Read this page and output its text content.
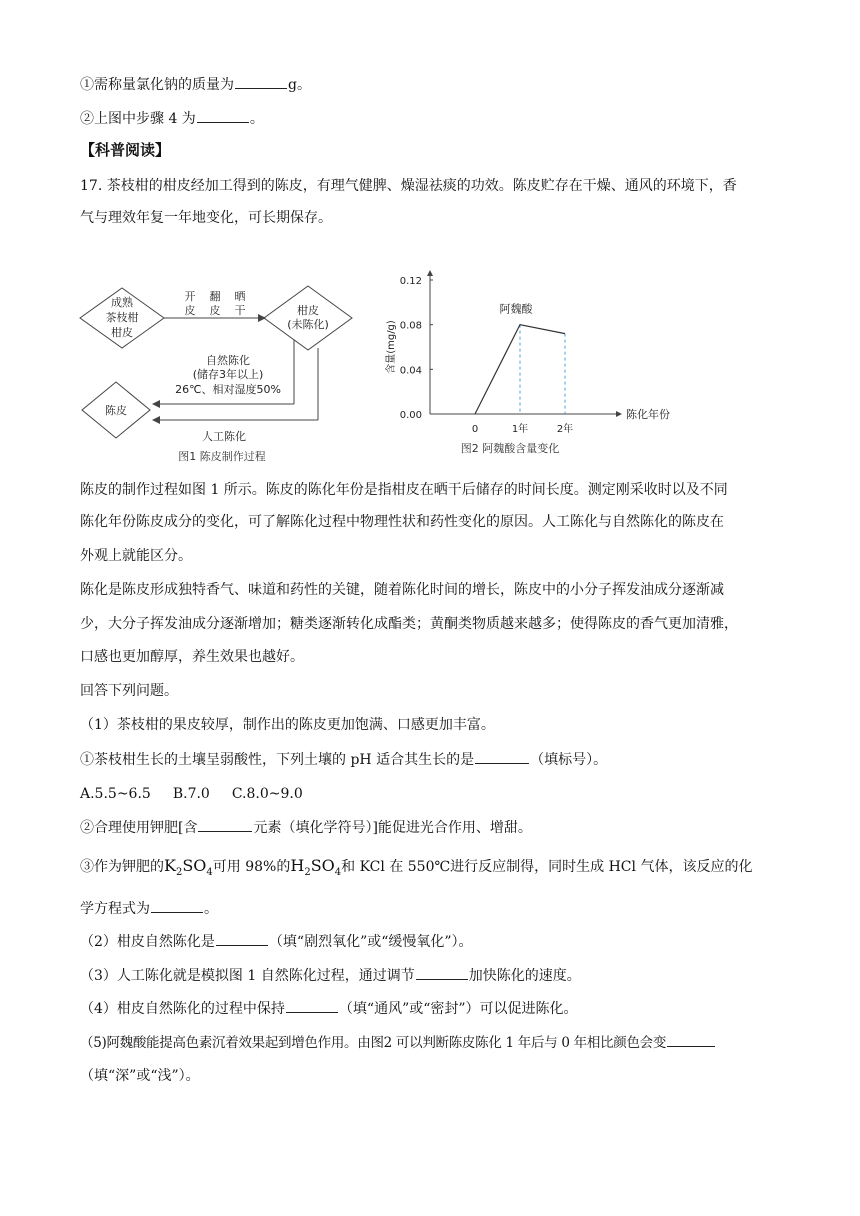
①需称量氯化钠的质量为	g。
②上图中步骤 4 为	。
【科普阅读】
17. 茶枝柑的柑皮经加工得到的陈皮，有理气健脾、燥湿祛痰的功效。陈皮贮存在干燥、通风的环境下，香
气与理效年复一年地变化，可长期保存。
成熟
茶枝柑
柑皮
开 翻 晒
皮 皮 干	柑皮
(未陈化)
自然陈化
(储存3年以上)
26℃、相对湿度50%
陈皮
人工陈化
图1 陈皮制作过程
0.00
0.04
0.08
0.12
0	1年	2年
阿魏酸
含量(mg/g)
陈化年份
图2 阿魏酸含量变化
陈皮的制作过程如图 1 所示。陈皮的陈化年份是指柑皮在晒干后储存的时间长度。测定刚采收时以及不同
陈化年份陈皮成分的变化，可了解陈化过程中物理性状和药性变化的原因。人工陈化与自然陈化的陈皮在
外观上就能区分。
陈化是陈皮形成独特香气、味道和药性的关键，随着陈化时间的增长，陈皮中的小分子挥发油成分逐渐减
少，大分子挥发油成分逐渐增加；糖类逐渐转化成酯类；黄酮类物质越来越多；使得陈皮的香气更加清雅，
口感也更加醇厚，养生效果也越好。
回答下列问题。
（1）茶枝柑的果皮较厚，制作出的陈皮更加饱满、口感更加丰富。
①茶枝柑生长的土壤呈弱酸性，下列土壤的 pH 适合其生长的是	（填标号）。
A.5.5~6.5 B.7.0 C.8.0~9.0
②合理使用钾肥[含	元素（填化学符号）]能促进光合作用、增甜。
③作为钾肥的$K_2SO_4$可用 98%的$H_2SO_4$和 KCl 在 550℃进行反应制得，同时生成 HCl 气体，该反应的化
学方程式为	。
（2）柑皮自然陈化是	（填“剧烈氧化”或“缓慢氧化”）。
（3）人工陈化就是模拟图 1 自然陈化过程，通过调节	加快陈化的速度。
（4）柑皮自然陈化的过程中保持	（填“通风”或“密封”）可以促进陈化。
（5)阿魏酸能提高色素沉着效果起到增色作用。由图2 可以判断陈皮陈化 1 年后与 0 年相比颜色会变
（填“深”或“浅”）。
